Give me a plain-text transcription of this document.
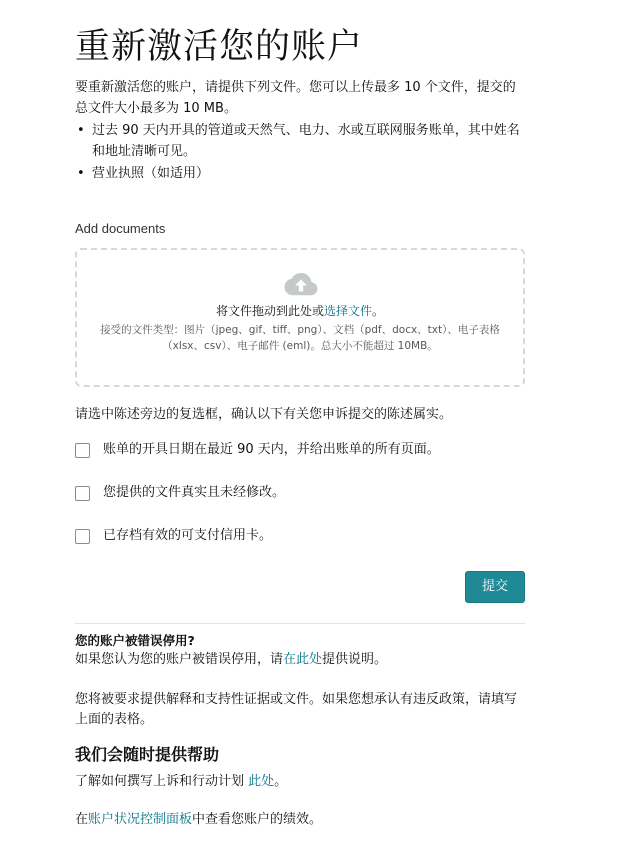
重新激活您的账户

要重新激活您的账户，请提供下列文件。您可以上传最多 10 个文件，提交的总文件大小最多为 10 MB。

• 过去 90 天内开具的管道或天然气、电力、水或互联网服务账单，其中姓名和地址清晰可见。
• 营业执照（如适用）
Add documents
将文件拖动到此处或选择文件。
接受的文件类型：图片（jpeg、gif、tiff、png）、文档（pdf、docx、txt）、电子表格（xlsx、csv）、电子邮件 (eml)。总大小不能超过 10MB。
请选中陈述旁边的复选框，确认以下有关您申诉提交的陈述属实。
账单的开具日期在最近 90 天内，并给出账单的所有页面。
您提供的文件真实且未经修改。
已存档有效的可支付信用卡。
提交
您的账户被错误停用?

如果您认为您的账户被错误停用，请在此处提供说明。

您将被要求提供解释和支持性证据或文件。如果您想承认有违反政策，请填写上面的表格。

我们会随时提供帮助

了解如何撰写上诉和行动计划 此处。

在账户状况控制面板中查看您账户的绩效。
